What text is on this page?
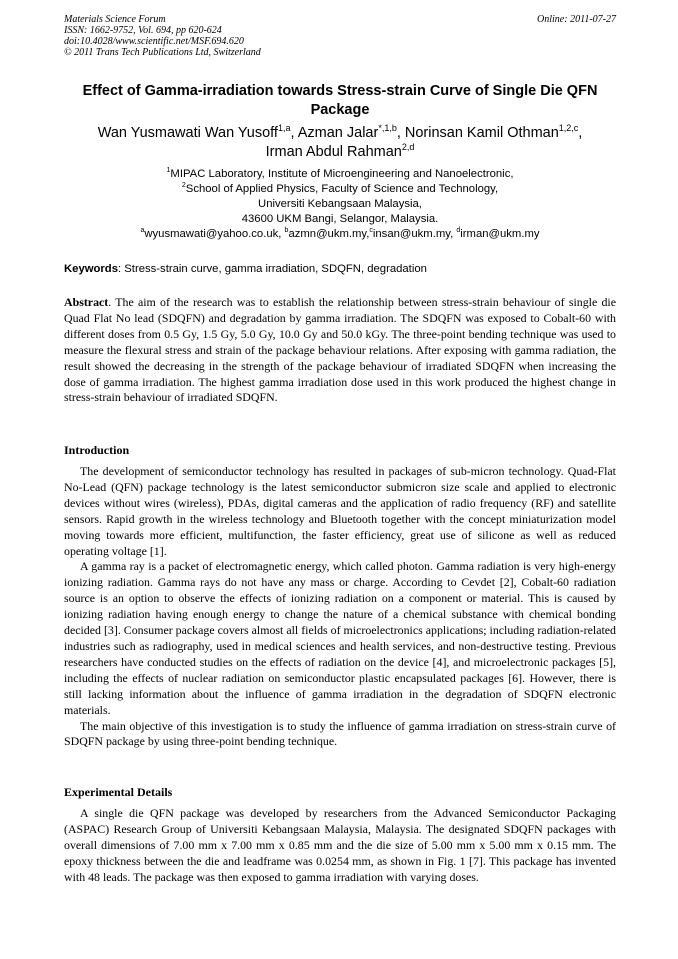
Materials Science Forum
ISSN: 1662-9752, Vol. 694, pp 620-624
doi:10.4028/www.scientific.net/MSF.694.620
© 2011 Trans Tech Publications Ltd, Switzerland
Online: 2011-07-27
Effect of Gamma-irradiation towards Stress-strain Curve of Single Die QFN Package
Wan Yusmawati Wan Yusoff$^{1,a}$, Azman Jalar$^{*,1,b}$, Norinsan Kamil Othman$^{1,2,c}$,
Irman Abdul Rahman$^{2,d}$
$^1$MIPAC Laboratory, Institute of Microengineering and Nanoelectronic,
$^2$School of Applied Physics, Faculty of Science and Technology,
Universiti Kebangsaan Malaysia,
43600 UKM Bangi, Selangor, Malaysia.
$^a$wyusmawati@yahoo.co.uk, $^b$azmn@ukm.my,$^c$insan@ukm.my, $^d$irman@ukm.my
Keywords: Stress-strain curve, gamma irradiation, SDQFN, degradation

Abstract. The aim of the research was to establish the relationship between stress-strain behaviour of single die Quad Flat No lead (SDQFN) and degradation by gamma irradiation. The SDQFN was exposed to Cobalt-60 with different doses from 0.5 Gy, 1.5 Gy, 5.0 Gy, 10.0 Gy and 50.0 kGy. The three-point bending technique was used to measure the flexural stress and strain of the package behaviour relations. After exposing with gamma radiation, the result showed the decreasing in the strength of the package behaviour of irradiated SDQFN when increasing the dose of gamma irradiation. The highest gamma irradiation dose used in this work produced the highest change in stress-strain behaviour of irradiated SDQFN.

Introduction

The development of semiconductor technology has resulted in packages of sub-micron technology. Quad-Flat No-Lead (QFN) package technology is the latest semiconductor submicron size scale and applied to electronic devices without wires (wireless), PDAs, digital cameras and the application of radio frequency (RF) and satellite sensors. Rapid growth in the wireless technology and Bluetooth together with the concept miniaturization model moving towards more efficient, multifunction, the faster efficiency, great use of silicone as well as reduced operating voltage [1].

A gamma ray is a packet of electromagnetic energy, which called photon. Gamma radiation is very high-energy ionizing radiation. Gamma rays do not have any mass or charge. According to Cevdet [2], Cobalt-60 radiation source is an option to observe the effects of ionizing radiation on a component or material. This is caused by ionizing radiation having enough energy to change the nature of a chemical substance with chemical bonding decided [3]. Consumer package covers almost all fields of microelectronics applications; including radiation-related industries such as radiography, used in medical sciences and health services, and non-destructive testing. Previous researchers have conducted studies on the effects of radiation on the device [4], and microelectronic packages [5], including the effects of nuclear radiation on semiconductor plastic encapsulated packages [6]. However, there is still lacking information about the influence of gamma irradiation in the degradation of SDQFN electronic materials.

The main objective of this investigation is to study the influence of gamma irradiation on stress-strain curve of SDQFN package by using three-point bending technique.

Experimental Details

A single die QFN package was developed by researchers from the Advanced Semiconductor Packaging (ASPAC) Research Group of Universiti Kebangsaan Malaysia, Malaysia. The designated SDQFN packages with overall dimensions of 7.00 mm x 7.00 mm x 0.85 mm and the die size of 5.00 mm x 5.00 mm x 0.15 mm. The epoxy thickness between the die and leadframe was 0.0254 mm, as shown in Fig. 1 [7]. This package has invented with 48 leads. The package was then exposed to gamma irradiation with varying doses.
